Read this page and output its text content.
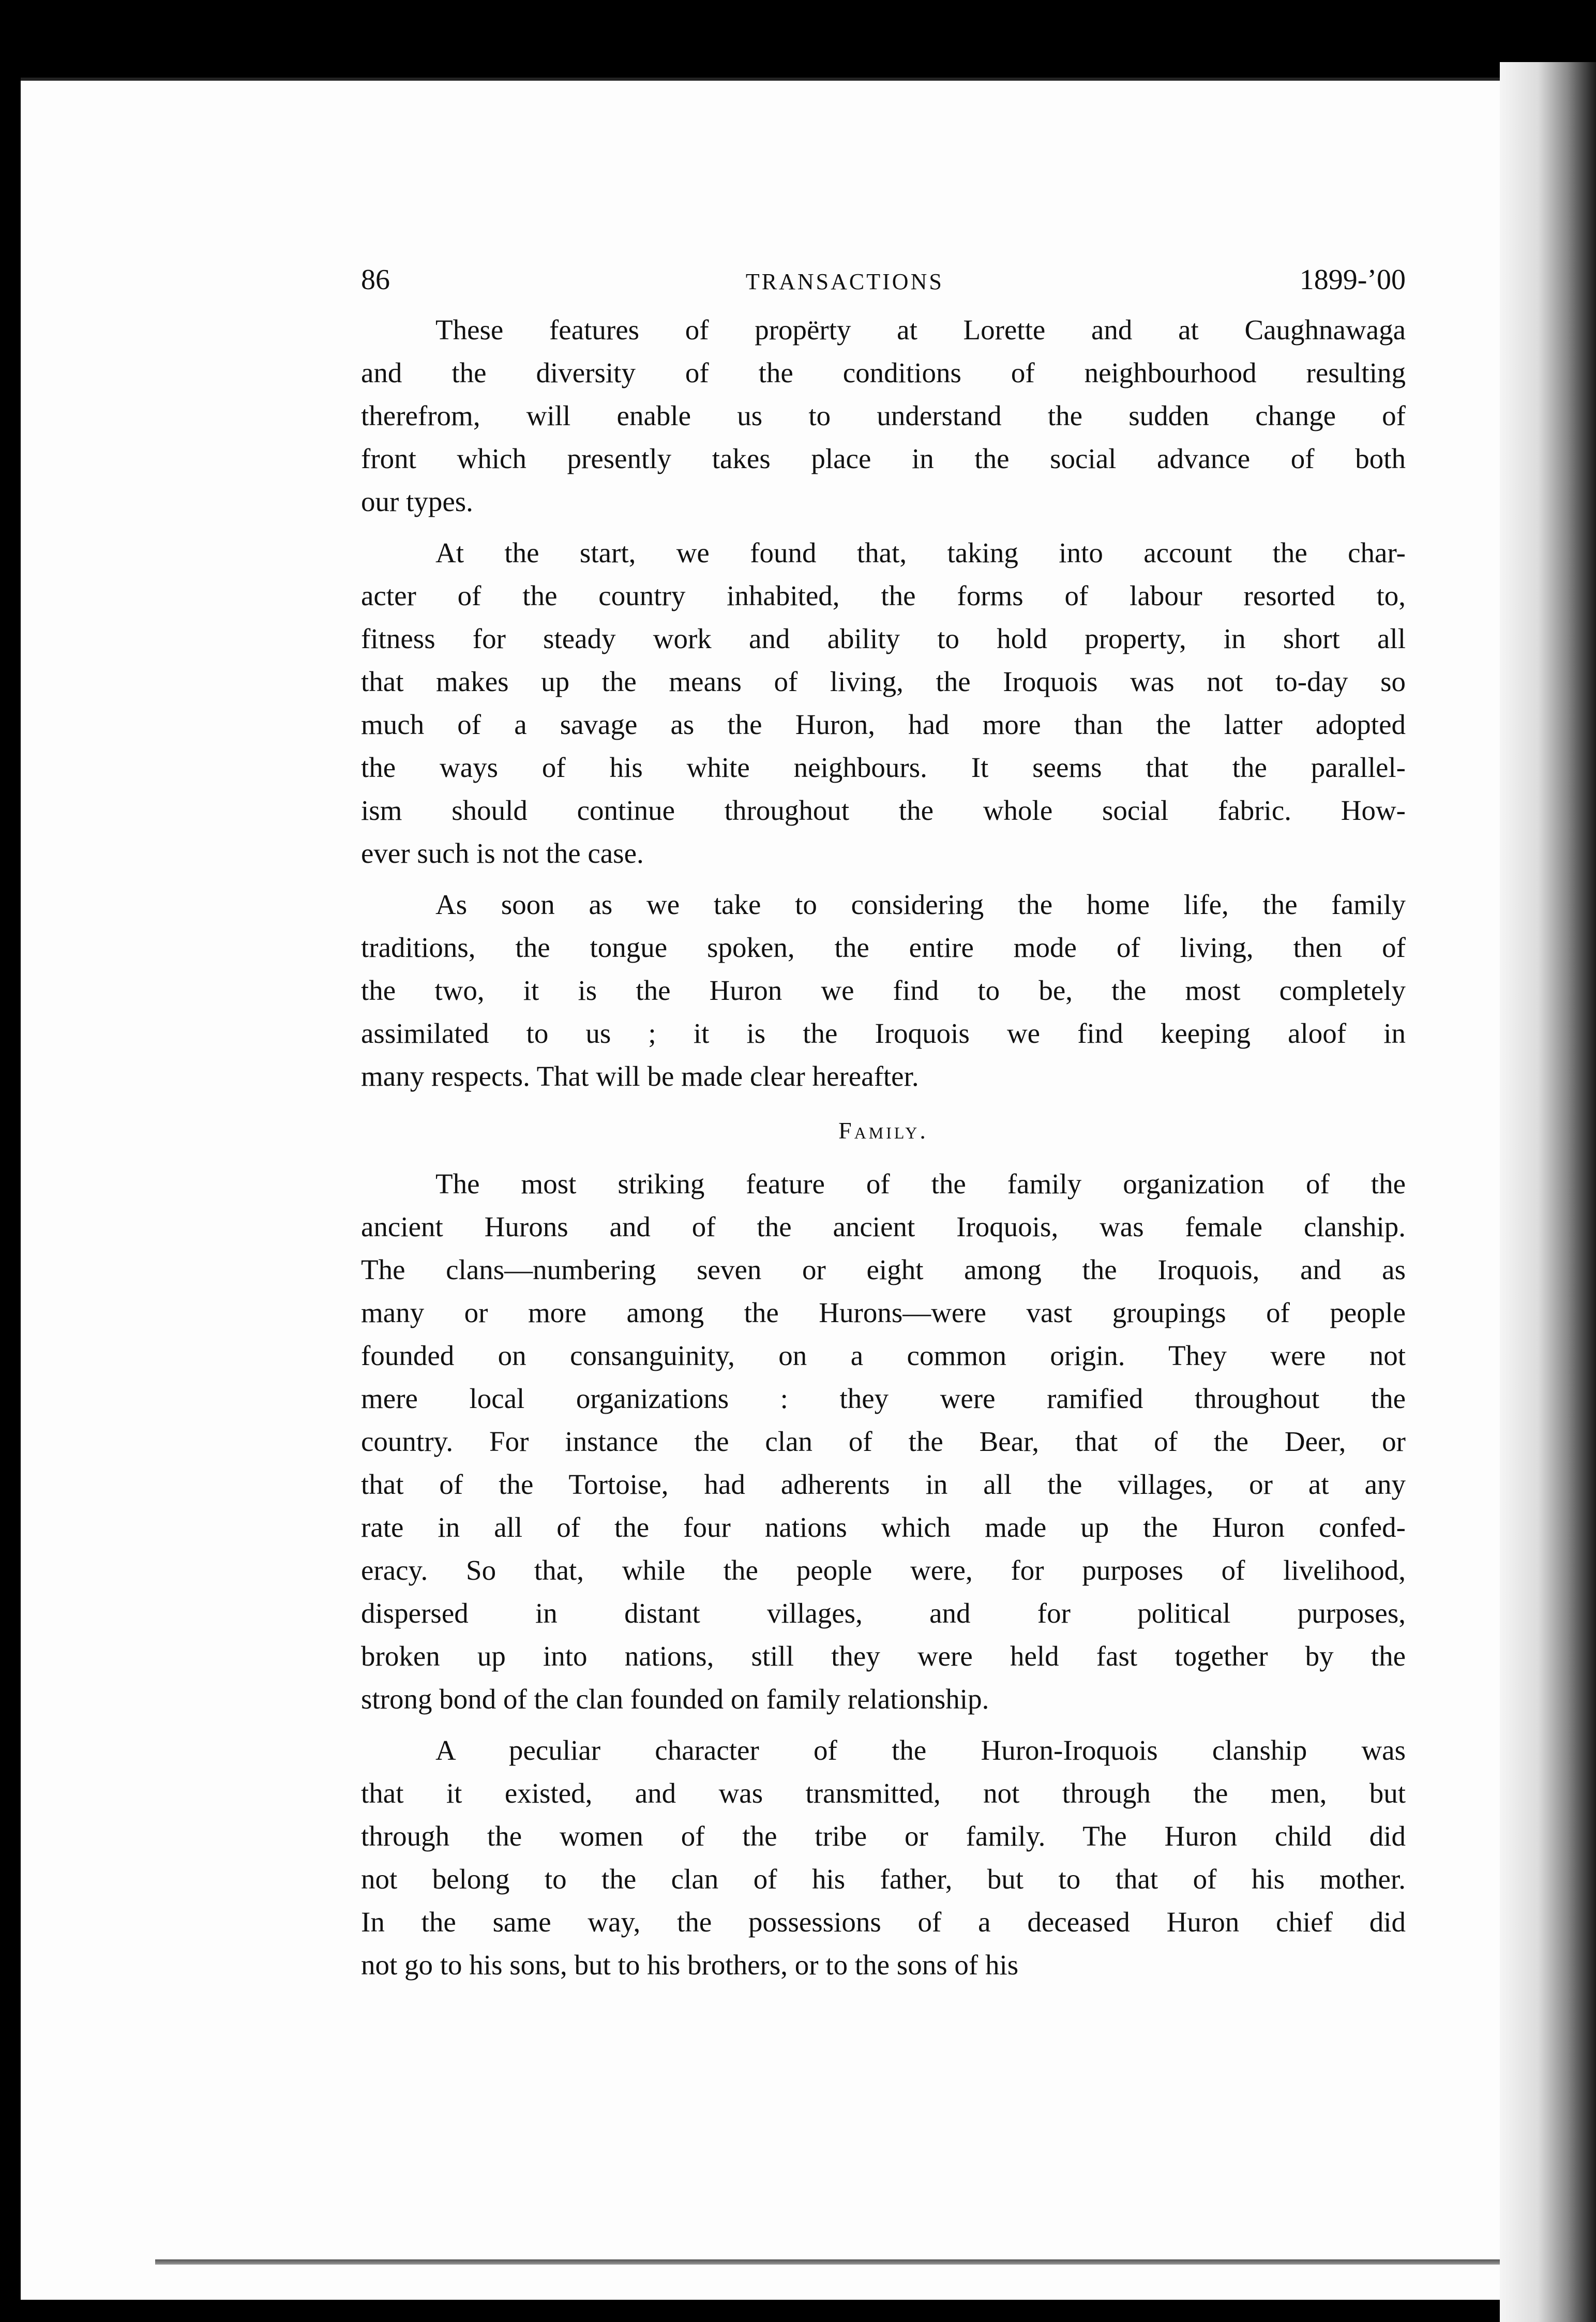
86	TRANSACTIONS	1899-’00
These features of propërty at Lorette and at Caughnawaga
and the diversity of the conditions of neighbourhood resulting
therefrom, will enable us to understand the sudden change of
front which presently takes place in the social advance of both
our types.
At the start, we found that, taking into account the char-
acter of the country inhabited, the forms of labour resorted to,
fitness for steady work and ability to hold property, in short all
that makes up the means of living, the Iroquois was not to-day so
much of a savage as the Huron, had more than the latter adopted
the ways of his white neighbours. It seems that the parallel-
ism should continue throughout the whole social fabric. How-
ever such is not the case.
As soon as we take to considering the home life, the family
traditions, the tongue spoken, the entire mode of living, then of
the two, it is the Huron we find to be, the most completely
assimilated to us ; it is the Iroquois we find keeping aloof in
many respects. That will be made clear hereafter.
Family.
The most striking feature of the family organization of the
ancient Hurons and of the ancient Iroquois, was female clanship.
The clans—numbering seven or eight among the Iroquois, and as
many or more among the Hurons—were vast groupings of people
founded on consanguinity, on a common origin. They were not
mere local organizations : they were ramified throughout the
country. For instance the clan of the Bear, that of the Deer, or
that of the Tortoise, had adherents in all the villages, or at any
rate in all of the four nations which made up the Huron confed-
eracy. So that, while the people were, for purposes of livelihood,
dispersed in distant villages, and for political purposes,
broken up into nations, still they were held fast together by the
strong bond of the clan founded on family relationship.
A peculiar character of the Huron-Iroquois clanship was
that it existed, and was transmitted, not through the men, but
through the women of the tribe or family. The Huron child did
not belong to the clan of his father, but to that of his mother.
In the same way, the possessions of a deceased Huron chief did
not go to his sons, but to his brothers, or to the sons of his
